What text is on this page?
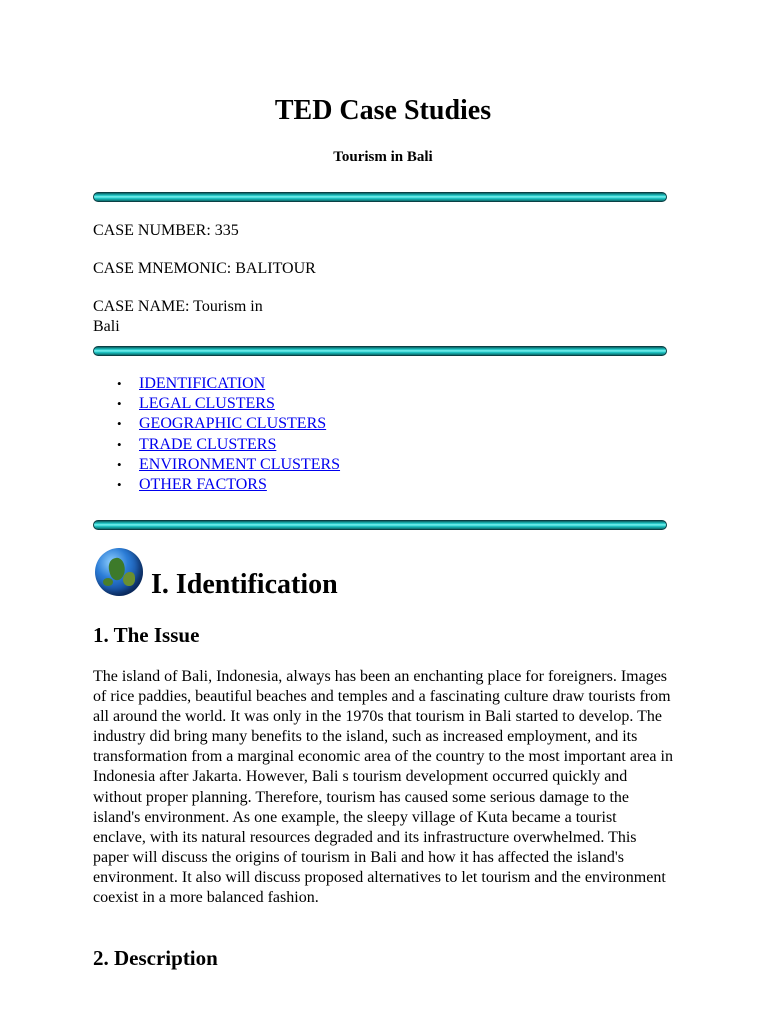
TED Case Studies
Tourism in Bali

CASE NUMBER: 335

CASE MNEMONIC: BALITOUR

CASE NAME: Tourism in Bali

• IDENTIFICATION
• LEGAL CLUSTERS
• GEOGRAPHIC CLUSTERS
• TRADE CLUSTERS
• ENVIRONMENT CLUSTERS
• OTHER FACTORS
I. Identification
1. The Issue

The island of Bali, Indonesia, always has been an enchanting place for foreigners. Images of rice paddies, beautiful beaches and temples and a fascinating culture draw tourists from all around the world. It was only in the 1970s that tourism in Bali started to develop. The industry did bring many benefits to the island, such as increased employment, and its transformation from a marginal economic area of the country to the most important area in Indonesia after Jakarta. However, Bali s tourism development occurred quickly and without proper planning. Therefore, tourism has caused some serious damage to the island's environment. As one example, the sleepy village of Kuta became a tourist enclave, with its natural resources degraded and its infrastructure overwhelmed. This paper will discuss the origins of tourism in Bali and how it has affected the island's environment. It also will discuss proposed alternatives to let tourism and the environment coexist in a more balanced fashion.

2. Description
